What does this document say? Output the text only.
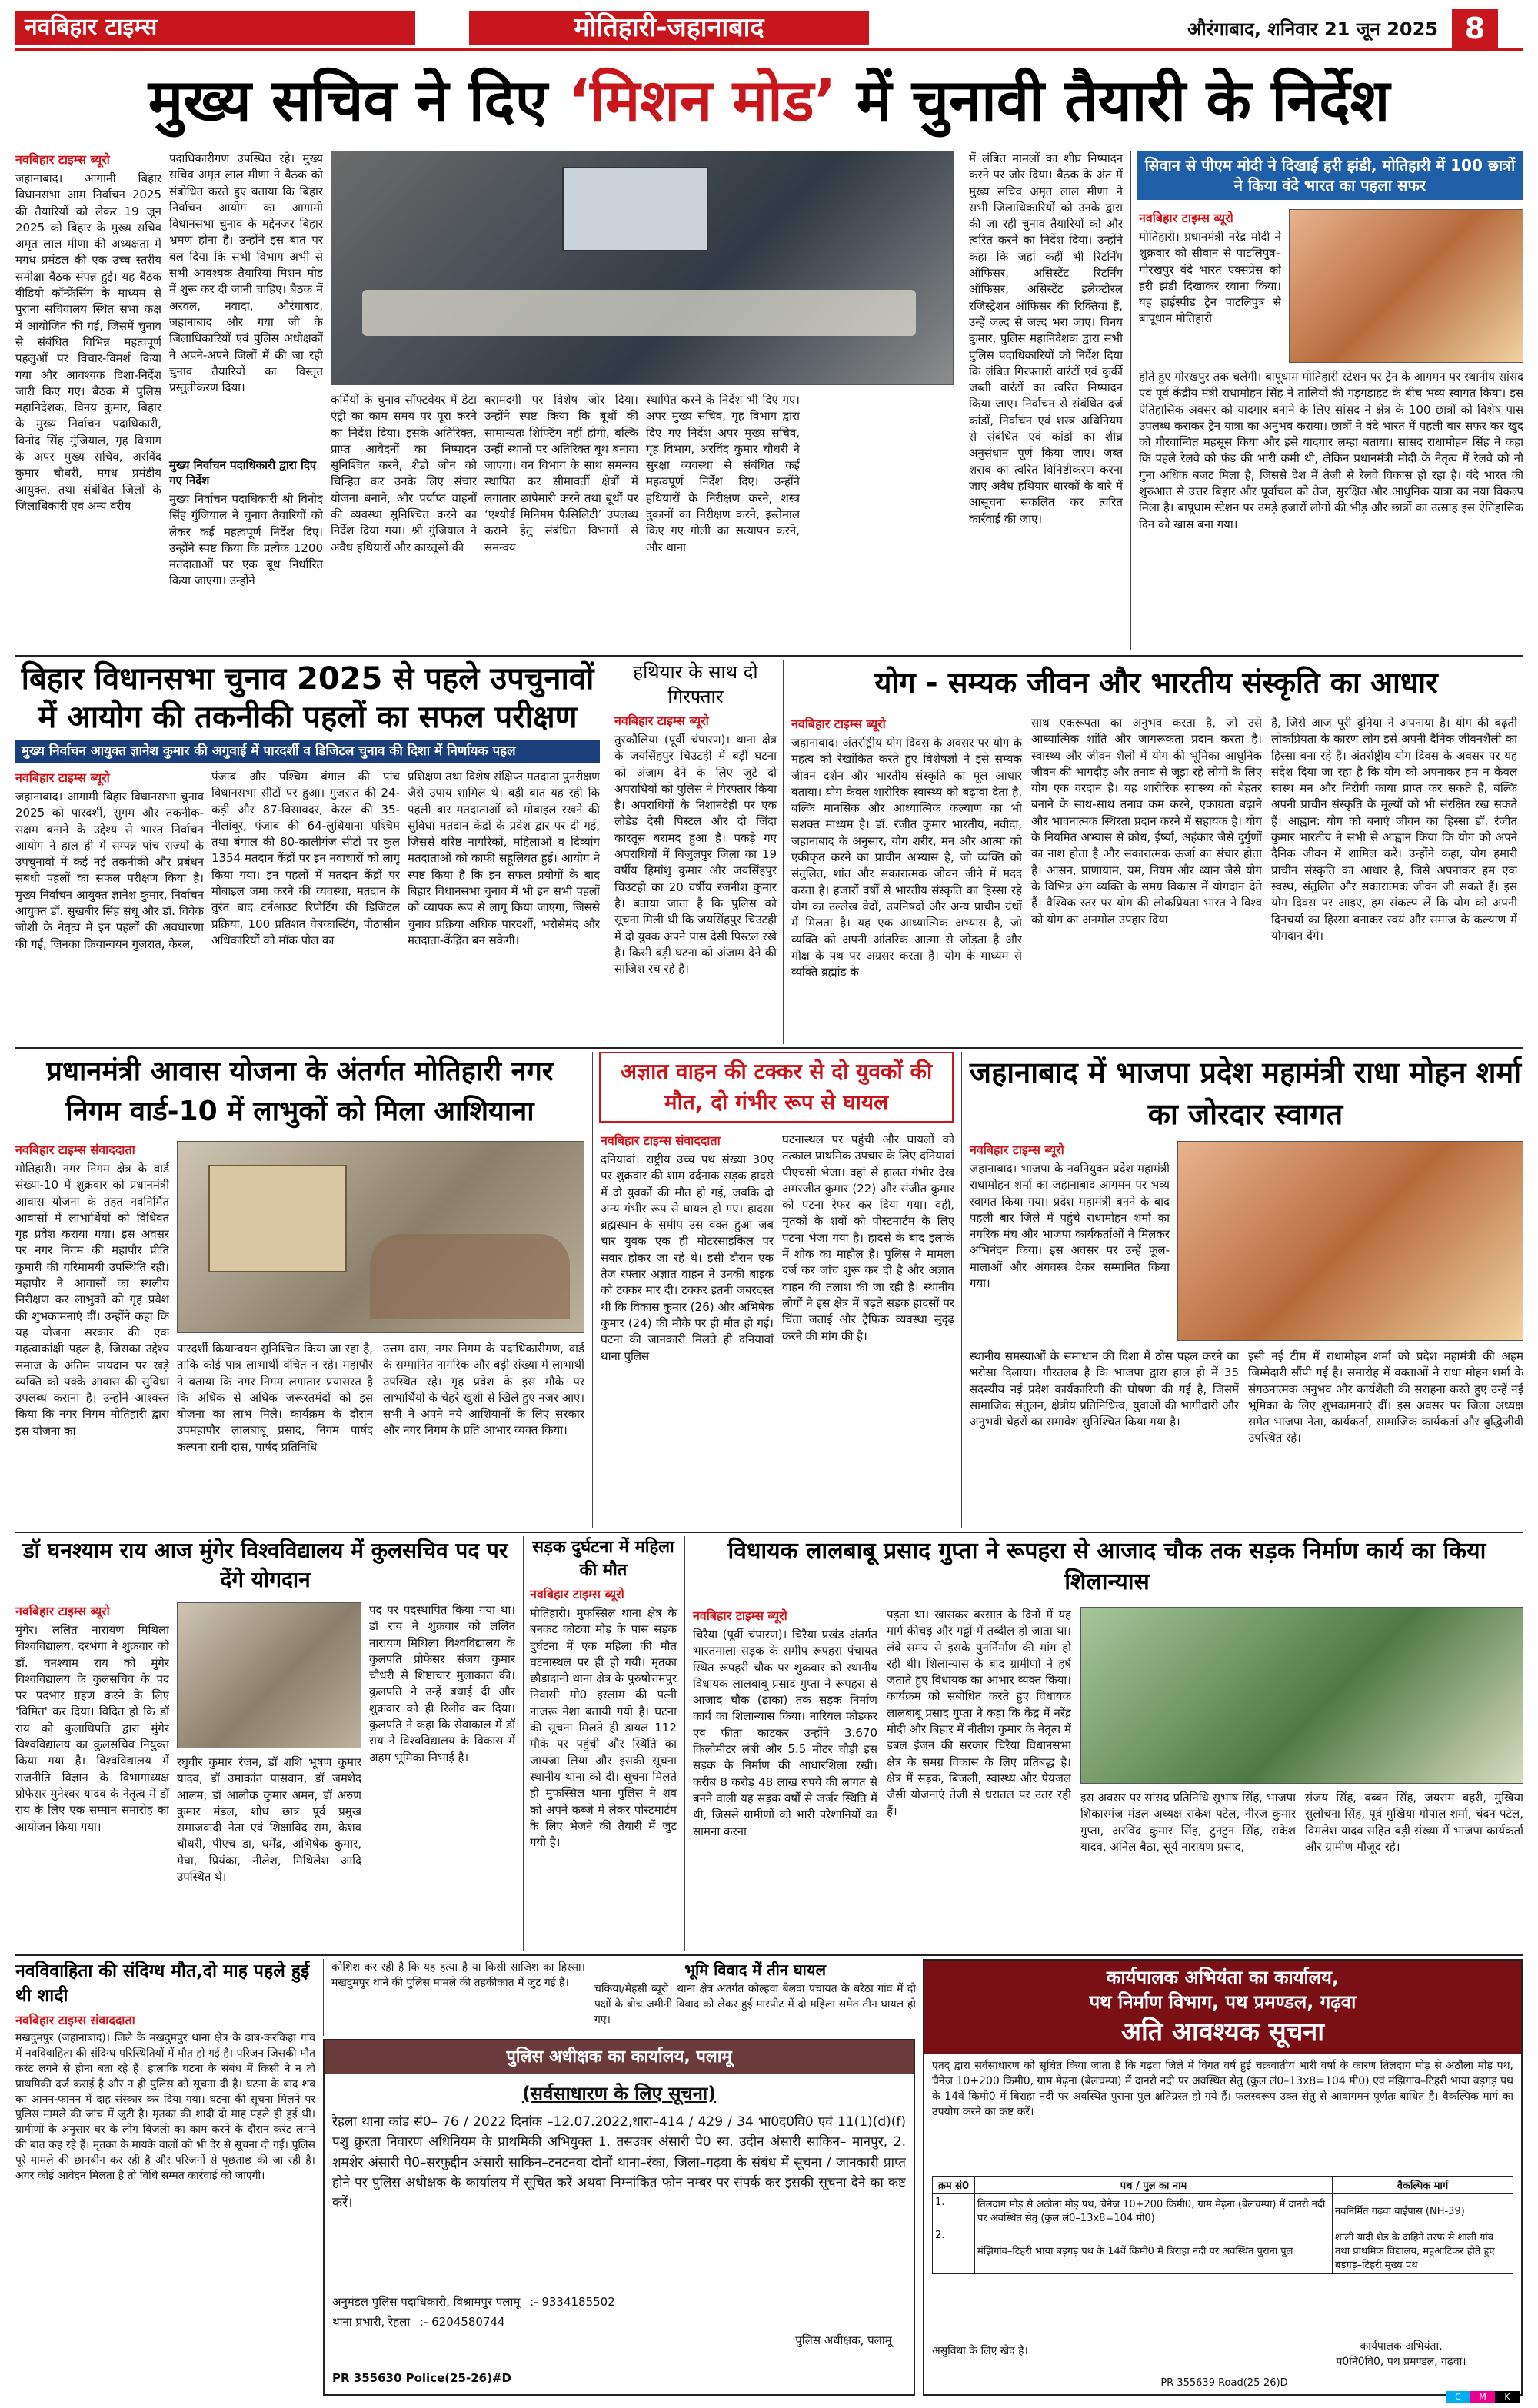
नवबिहार टाइम्स	मोतिहारी-जहानाबाद	औरंगाबाद, शनिवार 21 जून 2025 8
मुख्य सचिव ने दिए ‘मिशन मोड’ में चुनावी तैयारी के निर्देश
नवबिहार टाइम्स ब्यूरो
जहानाबाद। आगामी बिहार विधानसभा आम निर्वाचन 2025 की तैयारियों को लेकर 19 जून 2025 को बिहार के मुख्य सचिव अमृत लाल मीणा की अध्यक्षता में मगध प्रमंडल की एक उच्च स्तरीय समीक्षा बैठक संपन्न हुई। यह बैठक वीडियो कॉन्फ्रेंसिंग के माध्यम से पुराना सचिवालय स्थित सभा कक्ष में आयोजित की गई, जिसमें चुनाव से संबंधित विभिन्न महत्वपूर्ण पहलुओं पर विचार-विमर्श किया गया और आवश्यक दिशा-निर्देश जारी किए गए। बैठक में पुलिस महानिदेशक, विनय कुमार, बिहार के मुख्य निर्वाचन पदाधिकारी, विनोद सिंह गुंजियाल, गृह विभाग के अपर मुख्य सचिव, अरविंद कुमार चौधरी, मगध प्रमंडीय आयुक्त, तथा संबंधित जिलों के जिलाधिकारी एवं अन्य वरीय
पदाधिकारीगण उपस्थित रहे। मुख्य सचिव अमृत लाल मीणा ने बैठक को संबोधित करते हुए बताया कि बिहार निर्वाचन आयोग का आगामी विधानसभा चुनाव के मद्देनजर बिहार भ्रमण होना है। उन्होंने इस बात पर बल दिया कि सभी विभाग अभी से सभी आवश्यक तैयारियां मिशन मोड में शुरू कर दी जानी चाहिए। बैठक में अरवल, नवादा, औरंगाबाद, जहानाबाद और गया जी के जिलाधिकारियों एवं पुलिस अधीक्षकों ने अपने-अपने जिलों में की जा रही चुनाव तैयारियों का विस्तृत प्रस्तुतीकरण दिया।
मुख्य निर्वाचन पदाधिकारी द्वारा दिए गए निर्देश
मुख्य निर्वाचन पदाधिकारी श्री विनोद सिंह गुंजियाल ने चुनाव तैयारियों को लेकर कई महत्वपूर्ण निर्देश दिए। उन्होंने स्पष्ट किया कि प्रत्येक 1200 मतदाताओं पर एक बूथ निर्धारित किया जाएगा। उन्होंने
कर्मियों के चुनाव सॉफ्टवेयर में डेटा एंट्री का काम समय पर पूरा करने का निर्देश दिया। इसके अतिरिक्त, प्राप्त आवेदनों का निष्पादन सुनिश्चित करने, शैडो जोन को चिन्हित कर उनके लिए संचार योजना बनाने, और पर्याप्त वाहनों की व्यवस्था सुनिश्चित करने का निर्देश दिया गया। श्री गुंजियाल ने अवैध हथियारों और कारतूसों की
बरामदगी पर विशेष जोर दिया। उन्होंने स्पष्ट किया कि बूथों की सामान्यतः शिफ्टिंग नहीं होगी, बल्कि उन्हीं स्थानों पर अतिरिक्त बूथ बनाया जाएगा। वन विभाग के साथ समन्वय स्थापित कर सीमावर्ती क्षेत्रों में लगातार छापेमारी करने तथा बूथों पर ‘एश्योर्ड मिनिमम फैसिलिटी’ उपलब्ध कराने हेतु संबंधित विभागों से समन्वय
स्थापित करने के निर्देश भी दिए गए। अपर मुख्य सचिव, गृह विभाग द्वारा दिए गए निर्देश अपर मुख्य सचिव, गृह विभाग, अरविंद कुमार चौधरी ने सुरक्षा व्यवस्था से संबंधित कई महत्वपूर्ण निर्देश दिए। उन्होंने हथियारों के निरीक्षण करने, शस्त्र दुकानों का निरीक्षण करने, इस्तेमाल किए गए गोली का सत्यापन करने, और थाना
में लंबित मामलों का शीघ्र निष्पादन करने पर जोर दिया। बैठक के अंत में मुख्य सचिव अमृत लाल मीणा ने सभी जिलाधिकारियों को उनके द्वारा की जा रही चुनाव तैयारियों को और त्वरित करने का निर्देश दिया। उन्होंने कहा कि जहां कहीं भी रिटर्निंग ऑफिसर, असिस्टेंट रिटर्निंग ऑफिसर, असिस्टेंट इलेक्टोरल रजिस्ट्रेशन ऑफिसर की रिक्तियां हैं, उन्हें जल्द से जल्द भरा जाए। विनय कुमार, पुलिस महानिदेशक द्वारा सभी पुलिस पदाधिकारियों को निर्देश दिया कि लंबित गिरफ्तारी वारंटों एवं कुर्की जब्ती वारंटों का त्वरित निष्पादन किया जाए। निर्वाचन से संबंधित दर्ज कांडों, निर्वाचन एवं शस्त्र अधिनियम से संबंधित एवं कांडों का शीघ्र अनुसंधान पूर्ण किया जाए। जब्त शराब का त्वरित विनिष्टीकरण करना जाए अवैध हथियार धारकों के बारे में आसूचना संकलित कर त्वरित कार्रवाई की जाए।
सिवान से पीएम मोदी ने दिखाई हरी झंडी, मोतिहारी में 100 छात्रों ने किया वंदे भारत का पहला सफर
नवबिहार टाइम्स ब्यूरो
मोतिहारी। प्रधानमंत्री नरेंद्र मोदी ने शुक्रवार को सीवान से पाटलिपुत्र–गोरखपुर वंदे भारत एक्सप्रेस को हरी झंडी दिखाकर रवाना किया। यह हाईस्पीड ट्रेन पाटलिपुत्र से बापूधाम मोतिहारी
होते हुए गोरखपुर तक चलेगी। बापूधाम मोतिहारी स्टेशन पर ट्रेन के आगमन पर स्थानीय सांसद एवं पूर्व केंद्रीय मंत्री राधामोहन सिंह ने तालियों की गड़गड़ाहट के बीच भव्य स्वागत किया। इस ऐतिहासिक अवसर को यादगार बनाने के लिए सांसद ने क्षेत्र के 100 छात्रों को विशेष पास उपलब्ध कराकर ट्रेन यात्रा का अनुभव कराया। छात्रों ने वंदे भारत में पहली बार सफर कर खुद को गौरवान्वित महसूस किया और इसे यादगार लम्हा बताया। सांसद राधामोहन सिंह ने कहा कि पहले रेलवे को फंड की भारी कमी थी, लेकिन प्रधानमंत्री मोदी के नेतृत्व में रेलवे को नौ गुना अधिक बजट मिला है, जिससे देश में तेजी से रेलवे विकास हो रहा है। वंदे भारत की शुरुआत से उत्तर बिहार और पूर्वांचल को तेज, सुरक्षित और आधुनिक यात्रा का नया विकल्प मिला है। बापूधाम स्टेशन पर उमड़े हजारों लोगों की भीड़ और छात्रों का उत्साह इस ऐतिहासिक दिन को खास बना गया।
बिहार विधानसभा चुनाव 2025 से पहले उपचुनावों में आयोग की तकनीकी पहलों का सफल परीक्षण
मुख्य निर्वाचन आयुक्त ज्ञानेश कुमार की अगुवाई में पारदर्शी व डिजिटल चुनाव की दिशा में निर्णायक पहल
नवबिहार टाइम्स ब्यूरो
जहानाबाद। आगामी बिहार विधानसभा चुनाव 2025 को पारदर्शी, सुगम और तकनीक-सक्षम बनाने के उद्देश्य से भारत निर्वाचन आयोग ने हाल ही में सम्पन्न पांच राज्यों के उपचुनावों में कई नई तकनीकी और प्रबंधन संबंधी पहलों का सफल परीक्षण किया है। मुख्य निर्वाचन आयुक्त ज्ञानेश कुमार, निर्वाचन आयुक्त डॉ. सुखबीर सिंह संधू और डॉ. विवेक जोशी के नेतृत्व में इन पहलों की अवधारणा की गई, जिनका क्रियान्वयन गुजरात, केरल,
पंजाब और पश्चिम बंगाल की पांच विधानसभा सीटों पर हुआ। गुजरात की 24-कड़ी और 87-विसावदर, केरल की 35-नीलांबूर, पंजाब की 64-लुधियाना पश्चिम तथा बंगाल की 80-कालीगंज सीटों पर कुल 1354 मतदान केंद्रों पर इन नवाचारों को लागू किया गया। इन पहलों में मतदान केंद्रों पर मोबाइल जमा करने की व्यवस्था, मतदान के तुरंत बाद टर्नआउट रिपोर्टिंग की डिजिटल प्रक्रिया, 100 प्रतिशत वेबकास्टिंग, पीठासीन अधिकारियों को मॉक पोल का
प्रशिक्षण तथा विशेष संक्षिप्त मतदाता पुनरीक्षण जैसे उपाय शामिल थे। बड़ी बात यह रही कि पहली बार मतदाताओं को मोबाइल रखने की सुविधा मतदान केंद्रों के प्रवेश द्वार पर दी गई, जिससे वरिष्ठ नागरिकों, महिलाओं व दिव्यांग मतदाताओं को काफी सहूलियत हुई। आयोग ने स्पष्ट किया है कि इन सफल प्रयोगों के बाद बिहार विधानसभा चुनाव में भी इन सभी पहलों को व्यापक रूप से लागू किया जाएगा, जिससे चुनाव प्रक्रिया अधिक पारदर्शी, भरोसेमंद और मतदाता-केंद्रित बन सकेगी।
हथियार के साथ दो गिरफ्तार
नवबिहार टाइम्स ब्यूरो
तुरकौलिया (पूर्वी चंपारण)। थाना क्षेत्र के जयसिंहपुर चिउटही में बड़ी घटना को अंजाम देने के लिए जुटे दो अपराधियों को पुलिस ने गिरफ्तार किया है। अपराधियों के निशानदेही पर एक लोडेड देसी पिस्टल और दो जिंदा कारतूस बरामद हुआ है। पकड़े गए अपराधियों में बिजुलपुर जिला का 19 वर्षीय हिमांशु कुमार और जयसिंहपुर चिउटही का 20 वर्षीय रजनीश कुमार है। बताया जाता है कि पुलिस को सूचना मिली थी कि जयसिंहपुर चिउटही में दो युवक अपने पास देसी पिस्टल रखे है। किसी बड़ी घटना को अंजाम देने की साजिश रच रहे है।
योग - सम्यक जीवन और भारतीय संस्कृति का आधार
नवबिहार टाइम्स ब्यूरो
जहानाबाद। अंतर्राष्ट्रीय योग दिवस के अवसर पर योग के महत्व को रेखांकित करते हुए विशेषज्ञों ने इसे सम्यक जीवन दर्शन और भारतीय संस्कृति का मूल आधार बताया। योग केवल शारीरिक स्वास्थ्य को बढ़ावा देता है, बल्कि मानसिक और आध्यात्मिक कल्याण का भी सशक्त माध्यम है। डॉ. रंजीत कुमार भारतीय, नवीदा, जहानाबाद के अनुसार, योग शरीर, मन और आत्मा को एकीकृत करने का प्राचीन अभ्यास है, जो व्यक्ति को संतुलित, शांत और सकारात्मक जीवन जीने में मदद करता है। हजारों वर्षों से भारतीय संस्कृति का हिस्सा रहे योग का उल्लेख वेदों, उपनिषदों और अन्य प्राचीन ग्रंथों में मिलता है। यह एक आध्यात्मिक अभ्यास है, जो व्यक्ति को अपनी आंतरिक आत्मा से जोड़ता है और मोक्ष के पथ पर अग्रसर करता है। योग के माध्यम से व्यक्ति ब्रह्मांड के
साथ एकरूपता का अनुभव करता है, जो उसे आध्यात्मिक शांति और जागरूकता प्रदान करता है। स्वास्थ्य और जीवन शैली में योग की भूमिका आधुनिक जीवन की भागदौड़ और तनाव से जूझ रहे लोगों के लिए योग एक वरदान है। यह शारीरिक स्वास्थ्य को बेहतर बनाने के साथ-साथ तनाव कम करने, एकाग्रता बढ़ाने और भावनात्मक स्थिरता प्रदान करने में सहायक है। योग के नियमित अभ्यास से क्रोध, ईर्ष्या, अहंकार जैसे दुर्गुणों का नाश होता है और सकारात्मक ऊर्जा का संचार होता है। आसन, प्राणायाम, यम, नियम और ध्यान जैसे योग के विभिन्न अंग व्यक्ति के समग्र विकास में योगदान देते हैं। वैश्विक स्तर पर योग की लोकप्रियता भारत ने विश्व को योग का अनमोल उपहार दिया
है, जिसे आज पूरी दुनिया ने अपनाया है। योग की बढ़ती लोकप्रियता के कारण लोग इसे अपनी दैनिक जीवनशैली का हिस्सा बना रहे हैं। अंतर्राष्ट्रीय योग दिवस के अवसर पर यह संदेश दिया जा रहा है कि योग को अपनाकर हम न केवल स्वस्थ मन और निरोगी काया प्राप्त कर सकते हैं, बल्कि अपनी प्राचीन संस्कृति के मूल्यों को भी संरक्षित रख सकते हैं। आह्वान: योग को बनाएं जीवन का हिस्सा डॉ. रंजीत कुमार भारतीय ने सभी से आह्वान किया कि योग को अपने दैनिक जीवन में शामिल करें। उन्होंने कहा, योग हमारी प्राचीन संस्कृति का आधार है, जिसे अपनाकर हम एक स्वस्थ, संतुलित और सकारात्मक जीवन जी सकते हैं। इस योग दिवस पर आइए, हम संकल्प लें कि योग को अपनी दिनचर्या का हिस्सा बनाकर स्वयं और समाज के कल्याण में योगदान देंगे।
प्रधानमंत्री आवास योजना के अंतर्गत मोतिहारी नगर निगम वार्ड-10 में लाभुकों को मिला आशियाना
नवबिहार टाइम्स संवाददाता
मोतिहारी। नगर निगम क्षेत्र के वार्ड संख्या-10 में शुक्रवार को प्रधानमंत्री आवास योजना के तहत नवनिर्मित आवासों में लाभार्थियों को विधिवत गृह प्रवेश कराया गया। इस अवसर पर नगर निगम की महापौर प्रीति कुमारी की गरिमामयी उपस्थिति रही। महापौर ने आवासों का स्थलीय निरीक्षण कर लाभुकों को गृह प्रवेश की शुभकामनाएं दीं। उन्होंने कहा कि यह योजना सरकार की एक महत्वाकांक्षी पहल है, जिसका उद्देश्य समाज के अंतिम पायदान पर खड़े व्यक्ति को पक्के आवास की सुविधा उपलब्ध कराना है। उन्होंने आश्वस्त किया कि नगर निगम मोतिहारी द्वारा इस योजना का
पारदर्शी क्रियान्वयन सुनिश्चित किया जा रहा है, ताकि कोई पात्र लाभार्थी वंचित न रहे। महापौर ने बताया कि नगर निगम लगातार प्रयासरत है कि अधिक से अधिक जरूरतमंदों को इस योजना का लाभ मिले। कार्यक्रम के दौरान उपमहापौर लालबाबू प्रसाद, निगम पार्षद कल्पना रानी दास, पार्षद प्रतिनिधि
उत्तम दास, नगर निगम के पदाधिकारीगण, वार्ड के सम्मानित नागरिक और बड़ी संख्या में लाभार्थी उपस्थित रहे। गृह प्रवेश के इस मौके पर लाभार्थियों के चेहरे खुशी से खिले हुए नजर आए। सभी ने अपने नये आशियानों के लिए सरकार और नगर निगम के प्रति आभार व्यक्त किया।
अज्ञात वाहन की टक्कर से दो युवकों की मौत, दो गंभीर रूप से घायल
नवबिहार टाइम्स संवाददाता
दनियावां। राष्ट्रीय उच्च पथ संख्या 30ए पर शुक्रवार की शाम दर्दनाक सड़क हादसे में दो युवकों की मौत हो गई, जबकि दो अन्य गंभीर रूप से घायल हो गए। हादसा ब्रह्मस्थान के समीप उस वक्त हुआ जब चार युवक एक ही मोटरसाइकिल पर सवार होकर जा रहे थे। इसी दौरान एक तेज रफ्तार अज्ञात वाहन ने उनकी बाइक को टक्कर मार दी। टक्कर इतनी जबरदस्त थी कि विकास कुमार (26) और अभिषेक कुमार (24) की मौके पर ही मौत हो गई। घटना की जानकारी मिलते ही दनियावां थाना पुलिस
घटनास्थल पर पहुंची और घायलों को तत्काल प्राथमिक उपचार के लिए दनियावां पीएचसी भेजा। वहां से हालत गंभीर देख अमरजीत कुमार (22) और संजीत कुमार को पटना रेफर कर दिया गया। वहीं, मृतकों के शवों को पोस्टमार्टम के लिए पटना भेजा गया है। हादसे के बाद इलाके में शोक का माहौल है। पुलिस ने मामला दर्ज कर जांच शुरू कर दी है और अज्ञात वाहन की तलाश की जा रही है। स्थानीय लोगों ने इस क्षेत्र में बढ़ते सड़क हादसों पर चिंता जताई और ट्रैफिक व्यवस्था सुदृढ़ करने की मांग की है।
जहानाबाद में भाजपा प्रदेश महामंत्री राधा मोहन शर्मा का जोरदार स्वागत
नवबिहार टाइम्स ब्यूरो
जहानाबाद। भाजपा के नवनियुक्त प्रदेश महामंत्री राधामोहन शर्मा का जहानाबाद आगमन पर भव्य स्वागत किया गया। प्रदेश महामंत्री बनने के बाद पहली बार जिले में पहुंचे राधामोहन शर्मा का नगरिक मंच और भाजपा कार्यकर्ताओं ने मिलकर अभिनंदन किया। इस अवसर पर उन्हें फूल-मालाओं और अंगवस्त्र देकर सम्मानित किया गया।
स्थानीय समस्याओं के समाधान की दिशा में ठोस पहल करने का भरोसा दिलाया। गौरतलब है कि भाजपा द्वारा हाल ही में 35 सदस्यीय नई प्रदेश कार्यकारिणी की घोषणा की गई है, जिसमें सामाजिक संतुलन, क्षेत्रीय प्रतिनिधित्व, युवाओं की भागीदारी और अनुभवी चेहरों का समावेश सुनिश्चित किया गया है।
इसी नई टीम में राधामोहन शर्मा को प्रदेश महामंत्री की अहम जिम्मेदारी सौंपी गई है। समारोह में वक्ताओं ने राधा मोहन शर्मा के संगठनात्मक अनुभव और कार्यशैली की सराहना करते हुए उन्हें नई भूमिका के लिए शुभकामनाएं दीं। इस अवसर पर जिला अध्यक्ष समेत भाजपा नेता, कार्यकर्ता, सामाजिक कार्यकर्ता और बुद्धिजीवी उपस्थित रहे।
डॉ घनश्याम राय आज मुंगेर विश्वविद्यालय में कुलसचिव पद पर देंगे योगदान
नवबिहार टाइम्स ब्यूरो
मुंगेर। ललित नारायण मिथिला विश्वविद्यालय, दरभंगा ने शुक्रवार को डॉ. घनश्याम राय को मुंगेर विश्वविद्यालय के कुलसचिव के पद पर पदभार ग्रहण करने के लिए 'विमित' कर दिया। विदित हो कि डॉ राय को कुलाधिपति द्वारा मुंगेर विश्वविद्यालय का कुलसचिव नियुक्त किया गया है। विश्वविद्यालय में राजनीति विज्ञान के विभागाध्यक्ष प्रोफेसर मुनेश्वर यादव के नेतृत्व में डॉ राय के लिए एक सम्मान समारोह का आयोजन किया गया।
रघुवीर कुमार रंजन, डॉ शशि भूषण कुमार यादव, डॉ उमाकांत पासवान, डॉ जमशेद आलम, डॉ आलोक कुमार अमन, डॉ अरुण कुमार मंडल, शोध छात्र पूर्व प्रमुख समाजवादी नेता एवं शिक्षाविद राम, केशव चौधरी, पीएच डा, धर्मेंद्र, अभिषेक कुमार, मेघा, प्रियंका, नीलेश, मिथिलेश आदि उपस्थित थे।
पद पर पदस्थापित किया गया था। डॉ राय ने शुक्रवार को ललित नारायण मिथिला विश्वविद्यालय के कुलपति प्रोफेसर संजय कुमार चौधरी से शिष्टाचार मुलाकात की। कुलपति ने उन्हें बधाई दी और शुक्रवार को ही रिलीव कर दिया। कुलपति ने कहा कि सेवाकाल में डॉ राय ने विश्वविद्यालय के विकास में अहम भूमिका निभाई है।
सड़क दुर्घटना में महिला की मौत
नवबिहार टाइम्स ब्यूरो
मोतिहारी। मुफस्सिल थाना क्षेत्र के बनकट कोटवा मोड़ के पास सड़क दुर्घटना में एक महिला की मौत घटनास्थल पर ही हो गयी। मृतका छौडादानो थाना क्षेत्र के पुरुषोत्तमपुर निवासी मो0 इस्लाम की पत्नी नाजरू नेशा बतायी गयी है। घटना की सूचना मिलते ही डायल 112 मौके पर पहुंची और स्थिति का जायजा लिया और इसकी सूचना स्थानीय थाना को दी। सूचना मिलते ही मुफस्सिल थाना पुलिस ने शव को अपने कब्जे में लेकर पोस्टमार्टम के लिए भेजने की तैयारी में जुट गयी है।
विधायक लालबाबू प्रसाद गुप्ता ने रूपहरा से आजाद चौक तक सड़क निर्माण कार्य का किया शिलान्यास
नवबिहार टाइम्स ब्यूरो
चिरैया (पूर्वी चंपारण)। चिरैया प्रखंड अंतर्गत भारतमाला सड़क के समीप रूपहरा पंचायत स्थित रूपहरी चौक पर शुक्रवार को स्थानीय विधायक लालबाबू प्रसाद गुप्ता ने रूपहरा से आजाद चौक (ढाका) तक सड़क निर्माण कार्य का शिलान्यास किया। नारियल फोड़कर एवं फीता काटकर उन्होंने 3.670 किलोमीटर लंबी और 5.5 मीटर चौड़ी इस सड़क के निर्माण की आधारशिला रखी। करीब 8 करोड़ 48 लाख रुपये की लागत से बनने वाली यह सड़क वर्षों से जर्जर स्थिति में थी, जिससे ग्रामीणों को भारी परेशानियों का सामना करना
पड़ता था। खासकर बरसात के दिनों में यह मार्ग कीचड़ और गड्ढों में तब्दील हो जाता था। लंबे समय से इसके पुनर्निर्माण की मांग हो रही थी। शिलान्यास के बाद ग्रामीणों ने हर्ष जताते हुए विधायक का आभार व्यक्त किया। कार्यक्रम को संबोधित करते हुए विधायक लालबाबू प्रसाद गुप्ता ने कहा कि केंद्र में नरेंद्र मोदी और बिहार में नीतीश कुमार के नेतृत्व में डबल इंजन की सरकार चिरैया विधानसभा क्षेत्र के समग्र विकास के लिए प्रतिबद्ध है। क्षेत्र में सड़क, बिजली, स्वास्थ्य और पेयजल जैसी योजनाएं तेजी से धरातल पर उतर रही हैं।
इस अवसर पर सांसद प्रतिनिधि सुभाष सिंह, भाजपा शिकारगंज मंडल अध्यक्ष राकेश पटेल, नीरज कुमार गुप्ता, अरविंद कुमार सिंह, टुनटुन सिंह, राकेश यादव, अनिल बैठा, सूर्य नारायण प्रसाद,
संजय सिंह, बब्बन सिंह, जयराम बहरी, मुखिया सुलोचना सिंह, पूर्व मुखिया गोपाल शर्मा, चंदन पटेल, विमलेश यादव सहित बड़ी संख्या में भाजपा कार्यकर्ता और ग्रामीण मौजूद रहे।
नवविवाहिता की संदिग्ध मौत,दो माह पहले हुई थी शादी
नवबिहार टाइम्स संवाददाता
मखदुमपुर (जहानाबाद)। जिले के मखदुमपुर थाना क्षेत्र के ढाब-करकिहा गांव में नवविवाहिता की संदिग्ध परिस्थितियों में मौत हो गई है। परिजन जिसकी मौत करंट लगने से होना बता रहे हैं। हालांकि घटना के संबंध में किसी ने न तो प्राथमिकी दर्ज कराई है और न ही पुलिस को सूचना दी है। घटना के बाद शव का आनन-फानन में दाह संस्कार कर दिया गया। घटना की सूचना मिलने पर पुलिस मामले की जांच में जुटी है। मृतका की शादी दो माह पहले ही हुई थी। ग्रामीणों के अनुसार घर के लोग बिजली का काम करने के दौरान करंट लगने की बात कह रहे हैं। मृतका के मायके वालों को भी देर से सूचना दी गई। पुलिस पूरे मामले की छानबीन कर रही है और परिजनों से पूछताछ की जा रही है। अगर कोई आवेदन मिलता है तो विधि सम्मत कार्रवाई की जाएगी।
कोशिश कर रही है कि यह हत्या है या किसी साजिश का हिस्सा। मखदुमपुर थाने की पुलिस मामले की तहकीकात में जुट गई है।
भूमि विवाद में तीन घायल
चकिया/मेहसी ब्यूरो। थाना क्षेत्र अंतर्गत कोल्हवा बेलवा पंचायत के बरेठा गांव में दो पक्षों के बीच जमीनी विवाद को लेकर हुई मारपीट में दो महिला समेत तीन घायल हो गए।
पुलिस अधीक्षक का कार्यालय, पलामू
(सर्वसाधारण के लिए सूचना)
रेहला थाना कांड सं0– 76 / 2022 दिनांक –12.07.2022,धारा–414 / 429 / 34 भा0द0वि0 एवं 11(1)(d)(f) पशु क्रुरता निवारण अधिनियम के प्राथमिकी अभियुक्त 1. तसउवर अंसारी पे0 स्व. उदीन अंसारी साकिन– मानपुर, 2. शमशेर अंसारी पे0–सरफुद्दीन अंसारी साकिन–टनटनवा दोनों थाना–रंका, जिला–गढ़वा के संबंध में सूचना / जानकारी प्राप्त होने पर पुलिस अधीक्षक के कार्यालय में सूचित करें अथवा निम्नांकित फोन नम्बर पर संपर्क कर इसकी सूचना देने का कष्ट करें।
अनुमंडल पुलिस पदाधिकारी, विश्रामपुर पलामू :- 9334185502
थाना प्रभारी, रेहला :- 6204580744
पुलिस अधीक्षक, पलामू
PR 355630 Police(25-26)#D
कार्यपालक अभियंता का कार्यालय,
पथ निर्माण विभाग, पथ प्रमण्डल, गढ़वा
अति आवश्यक सूचना
एतद् द्वारा सर्वसाधारण को सूचित किया जाता है कि गढ़वा जिले में विगत वर्ष हुई चक्रवातीय भारी वर्षा के कारण तिलदाग मोड़ से अठौला मोड़ पथ, चैनेज 10+200 किमी0, ग्राम मेढ़ना (बेलचम्पा) में दानरो नदी पर अवस्थित सेतु (कुल लं0–13x8=104 मी0) एवं मंझिगांव–टिहरी भाया बड़गड़ पथ के 14वें किमी0 में बिराहा नदी पर अवस्थित पुराना पुल क्षतिग्रस्त हो गये हैं। फलस्वरूप उक्त सेतु से आवागमन पूर्णतः बाधित है। वैकल्पिक मार्ग का उपयोग करने का कष्ट करें।
क्रम सं0	पथ / पुल का नाम	वैकल्पिक मार्ग
1.	तिलदाग मोड़ से अठौला मोड़ पथ, चैनेज 10+200 किमी0, ग्राम मेढ़ना (बेलचम्पा) में दानरो नदी पर अवस्थित सेतु (कुल लं0–13x8=104 मी0)	नवनिर्मित गढ़वा बाईपास (NH-39)
2.	मंझिगांव–टिहरी भाया बड़गड़ पथ के 14वें किमी0 में बिराहा नदी पर अवस्थित पुराना पुल	शाली यादी शेड के दाहिने तरफ से शाली गांव तथा प्राथमिक विद्यालय, महुआटिकर होते हुए बड़गड़–टिहरी मुख्य पथ
असुविधा के लिए खेद है।	कार्यपालक अभियंता,
प0नि0वि0, पथ प्रमण्डल, गढ़वा।
PR 355639 Road(25-26)D
C	M	K
